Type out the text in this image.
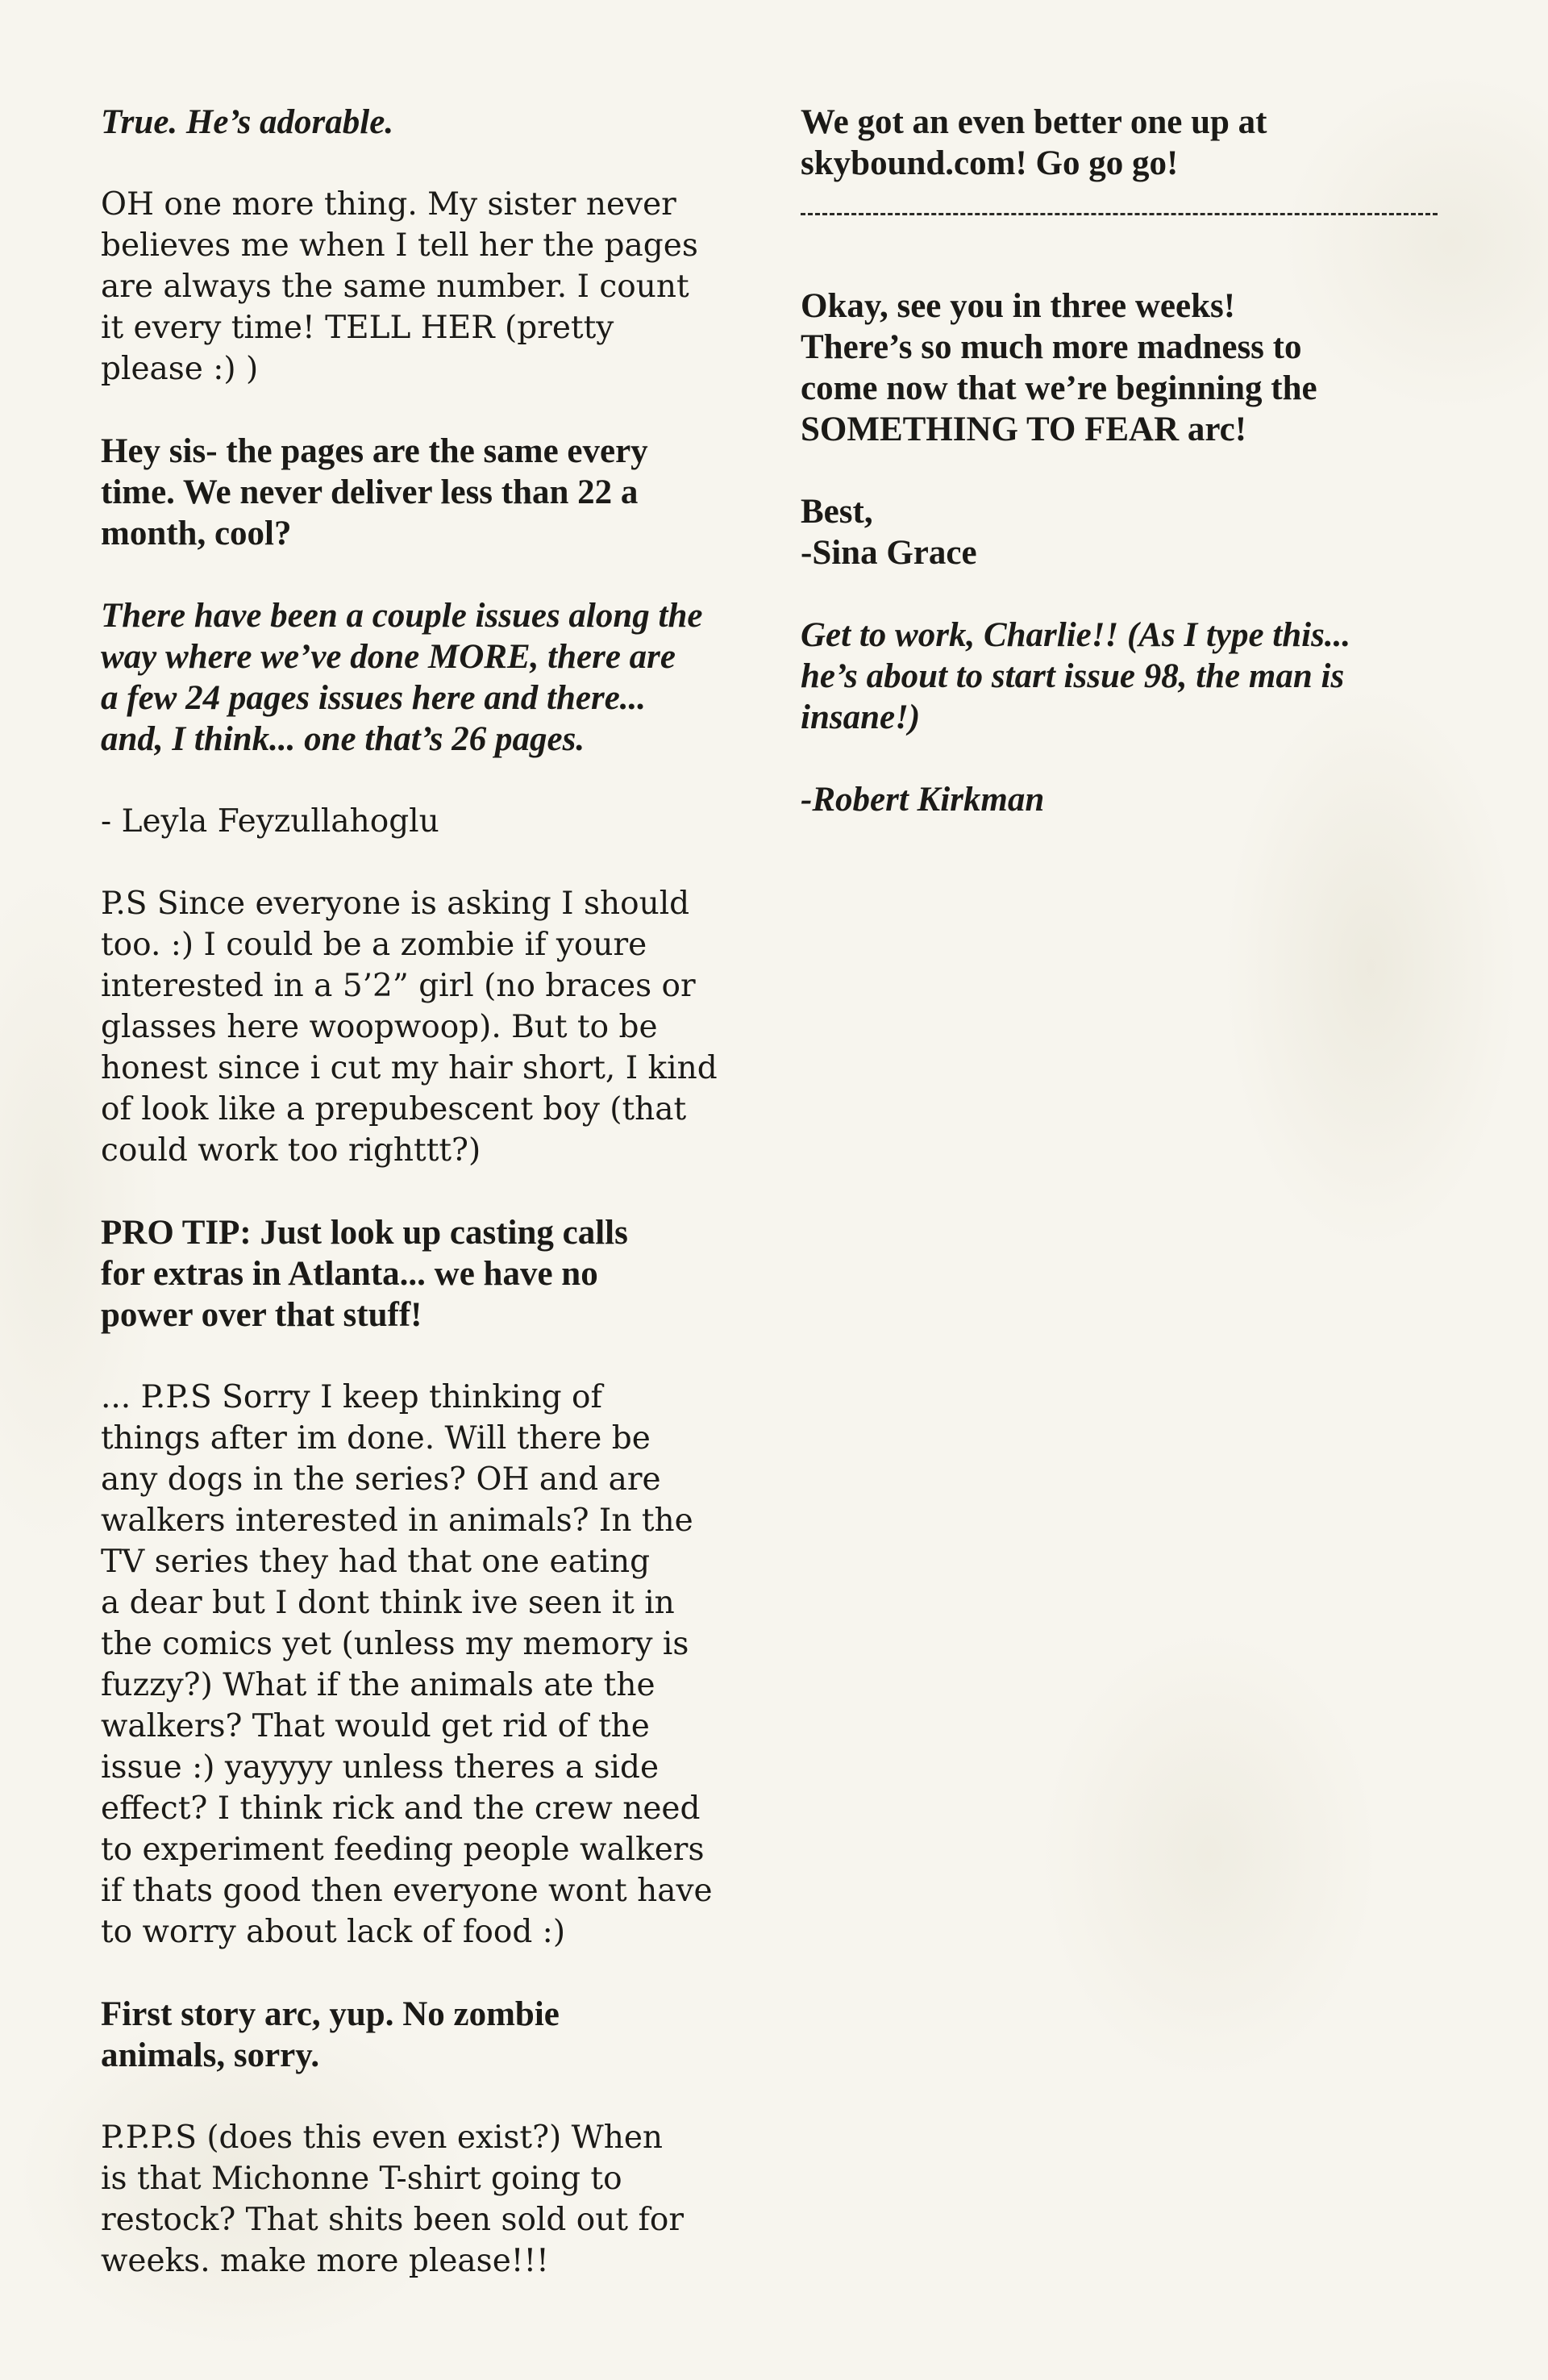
True. He’s adorable.

OH one more thing. My sister never
believes me when I tell her the pages
are always the same number. I count
it every time! TELL HER (pretty
please :) )

Hey sis- the pages are the same every
time. We never deliver less than 22 a
month, cool?

There have been a couple issues along the
way where we’ve done MORE, there are
a few 24 pages issues here and there...
and, I think... one that’s 26 pages.

- Leyla Feyzullahoglu

P.S Since everyone is asking I should
too. :) I could be a zombie if youre
interested in a 5’2” girl (no braces or
glasses here woopwoop). But to be
honest since i cut my hair short, I kind
of look like a prepubescent boy (that
could work too righttt?)

PRO TIP: Just look up casting calls
for extras in Atlanta... we have no
power over that stuff!

... P.P.S Sorry I keep thinking of
things after im done. Will there be
any dogs in the series? OH and are
walkers interested in animals? In the
TV series they had that one eating
a dear but I dont think ive seen it in
the comics yet (unless my memory is
fuzzy?) What if the animals ate the
walkers? That would get rid of the
issue :) yayyyy unless theres a side
effect? I think rick and the crew need
to experiment feeding people walkers
if thats good then everyone wont have
to worry about lack of food :)

First story arc, yup. No zombie
animals, sorry.

P.P.P.S (does this even exist?) When
is that Michonne T-shirt going to
restock? That shits been sold out for
weeks. make more please!!!

We got an even better one up at
skybound.com! Go go go!

Okay, see you in three weeks!
There’s so much more madness to
come now that we’re beginning the
SOMETHING TO FEAR arc!

Best,
-Sina Grace

Get to work, Charlie!! (As I type this...
he’s about to start issue 98, the man is
insane!)

-Robert Kirkman
